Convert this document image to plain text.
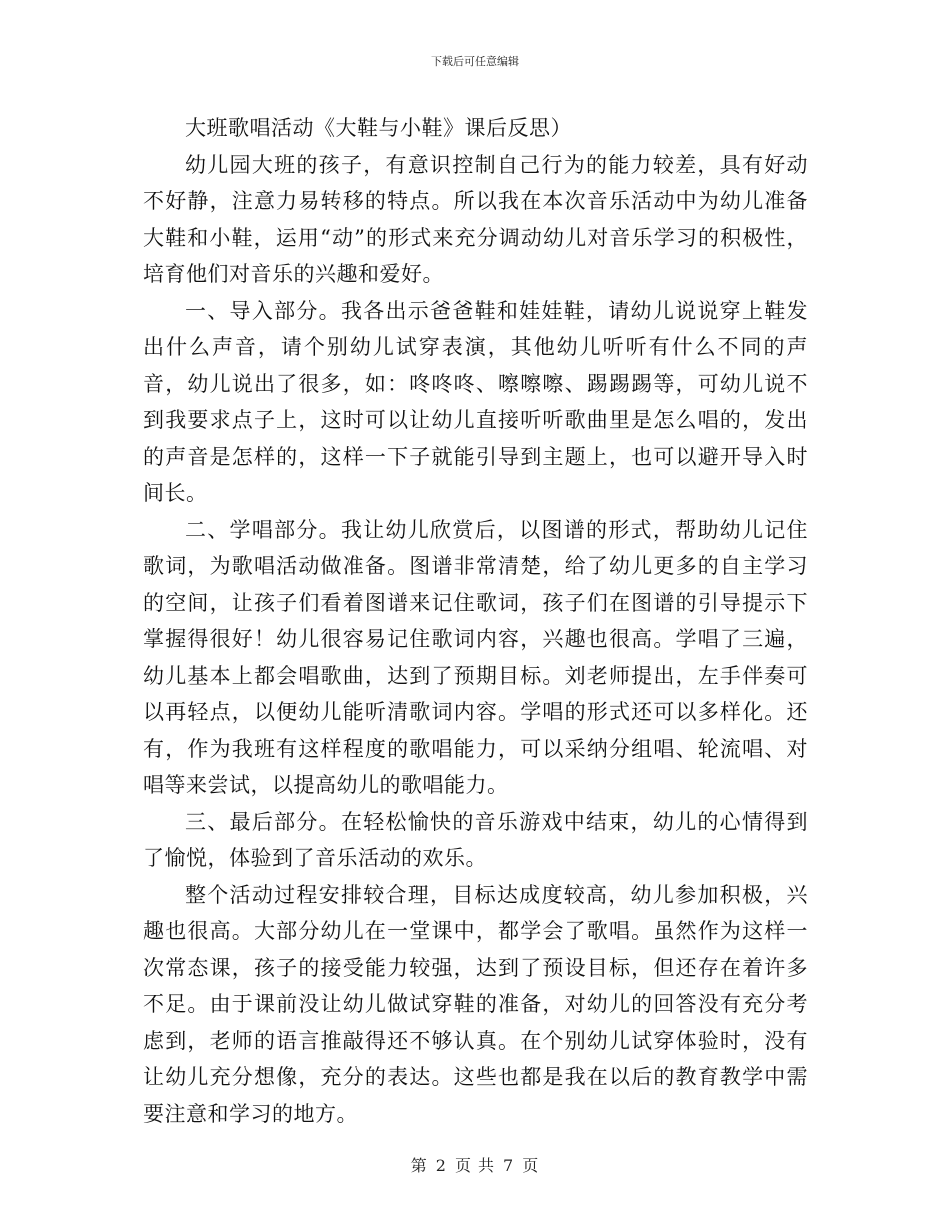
下载后可任意编辑

大班歌唱活动《大鞋与小鞋》课后反思）

幼儿园大班的孩子，有意识控制自己行为的能力较差，具有好动不好静，注意力易转移的特点。所以我在本次音乐活动中为幼儿准备大鞋和小鞋，运用“动”的形式来充分调动幼儿对音乐学习的积极性，培育他们对音乐的兴趣和爱好。

一、导入部分。我各出示爸爸鞋和娃娃鞋，请幼儿说说穿上鞋发出什么声音，请个别幼儿试穿表演，其他幼儿听听有什么不同的声音，幼儿说出了很多，如：咚咚咚、嚓嚓嚓、踢踢踢等，可幼儿说不到我要求点子上，这时可以让幼儿直接听听歌曲里是怎么唱的，发出的声音是怎样的，这样一下子就能引导到主题上，也可以避开导入时间长。

二、学唱部分。我让幼儿欣赏后，以图谱的形式，帮助幼儿记住歌词，为歌唱活动做准备。图谱非常清楚，给了幼儿更多的自主学习的空间，让孩子们看着图谱来记住歌词，孩子们在图谱的引导提示下掌握得很好！幼儿很容易记住歌词内容，兴趣也很高。学唱了三遍，幼儿基本上都会唱歌曲，达到了预期目标。刘老师提出，左手伴奏可以再轻点，以便幼儿能听清歌词内容。学唱的形式还可以多样化。还有，作为我班有这样程度的歌唱能力，可以采纳分组唱、轮流唱、对唱等来尝试，以提高幼儿的歌唱能力。

三、最后部分。在轻松愉快的音乐游戏中结束，幼儿的心情得到了愉悦，体验到了音乐活动的欢乐。

整个活动过程安排较合理，目标达成度较高，幼儿参加积极，兴趣也很高。大部分幼儿在一堂课中，都学会了歌唱。虽然作为这样一次常态课，孩子的接受能力较强，达到了预设目标，但还存在着许多不足。由于课前没让幼儿做试穿鞋的准备，对幼儿的回答没有充分考虑到，老师的语言推敲得还不够认真。在个别幼儿试穿体验时，没有让幼儿充分想像，充分的表达。这些也都是我在以后的教育教学中需要注意和学习的地方。

第 2 页 共 7 页
